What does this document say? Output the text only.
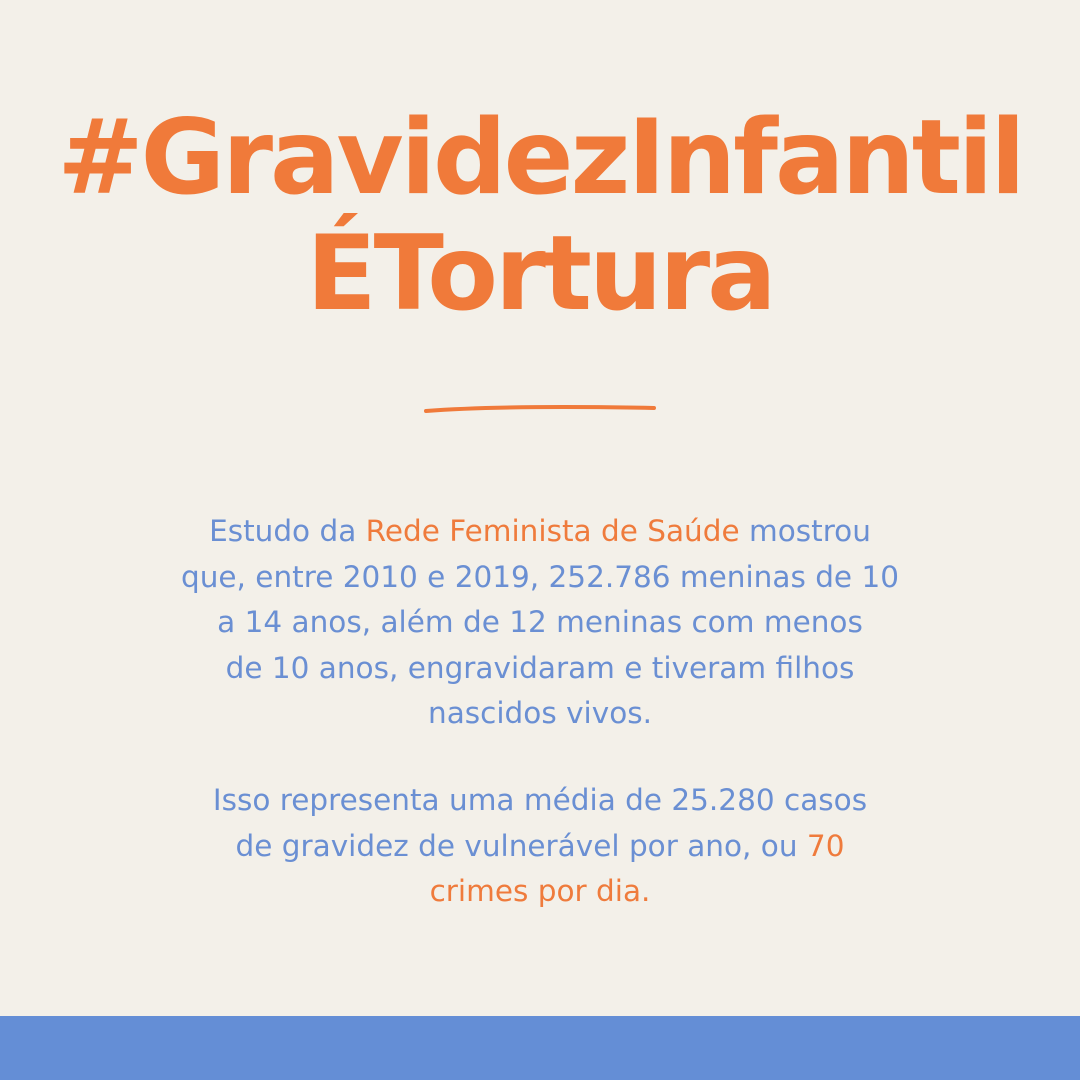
#GravidezInfantil
ÉTortura
Estudo da Rede Feminista de Saúde mostrou
que, entre 2010 e 2019, 252.786 meninas de 10
a 14 anos, além de 12 meninas com menos
de 10 anos, engravidaram e tiveram filhos
nascidos vivos.
Isso representa uma média de 25.280 casos
de gravidez de vulnerável por ano, ou 70
crimes por dia.
